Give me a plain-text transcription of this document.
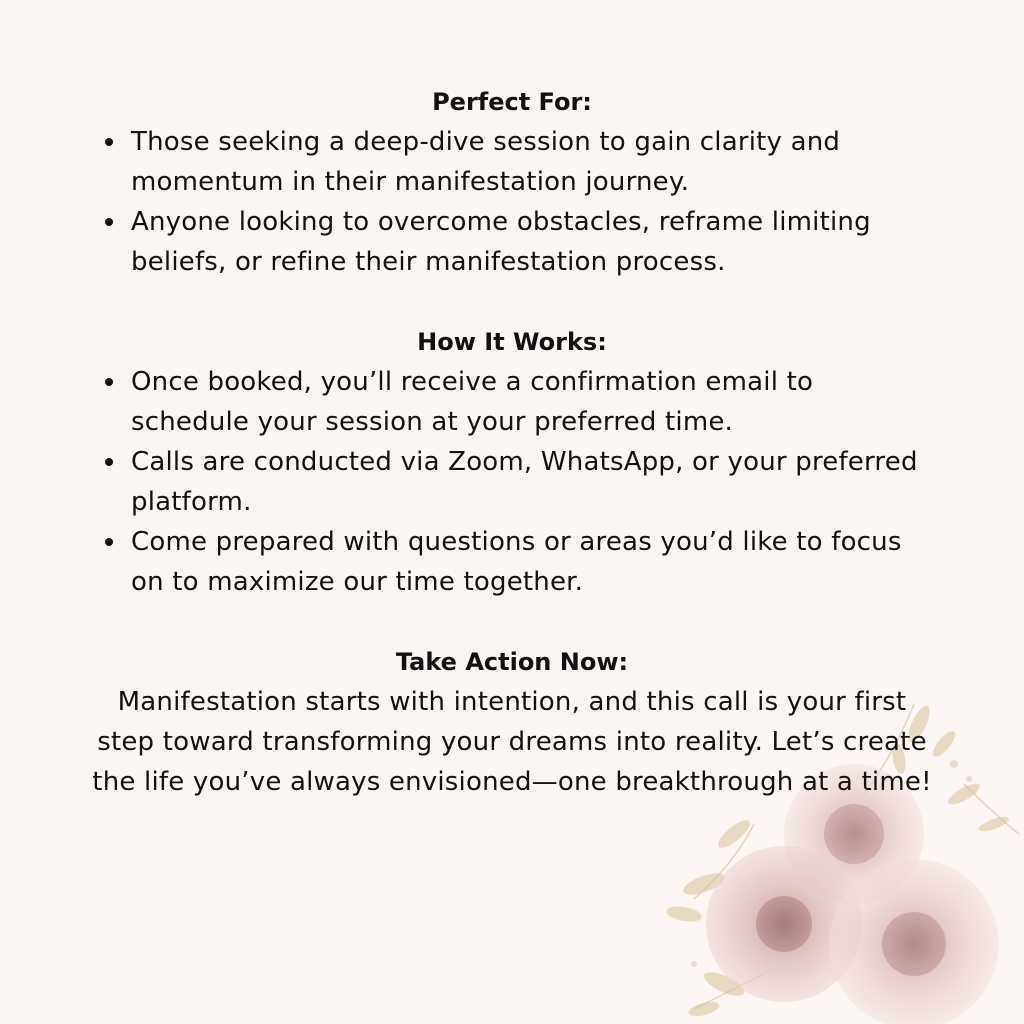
Perfect For:
Those seeking a deep-dive session to gain clarity and momentum in their manifestation journey.
Anyone looking to overcome obstacles, reframe limiting beliefs, or refine their manifestation process.
How It Works:
Once booked, you’ll receive a confirmation email to schedule your session at your preferred time.
Calls are conducted via Zoom, WhatsApp, or your preferred platform.
Come prepared with questions or areas you’d like to focus on to maximize our time together.
Take Action Now:

Manifestation starts with intention, and this call is your first step toward transforming your dreams into reality. Let’s create the life you’ve always envisioned—one breakthrough at a time!
